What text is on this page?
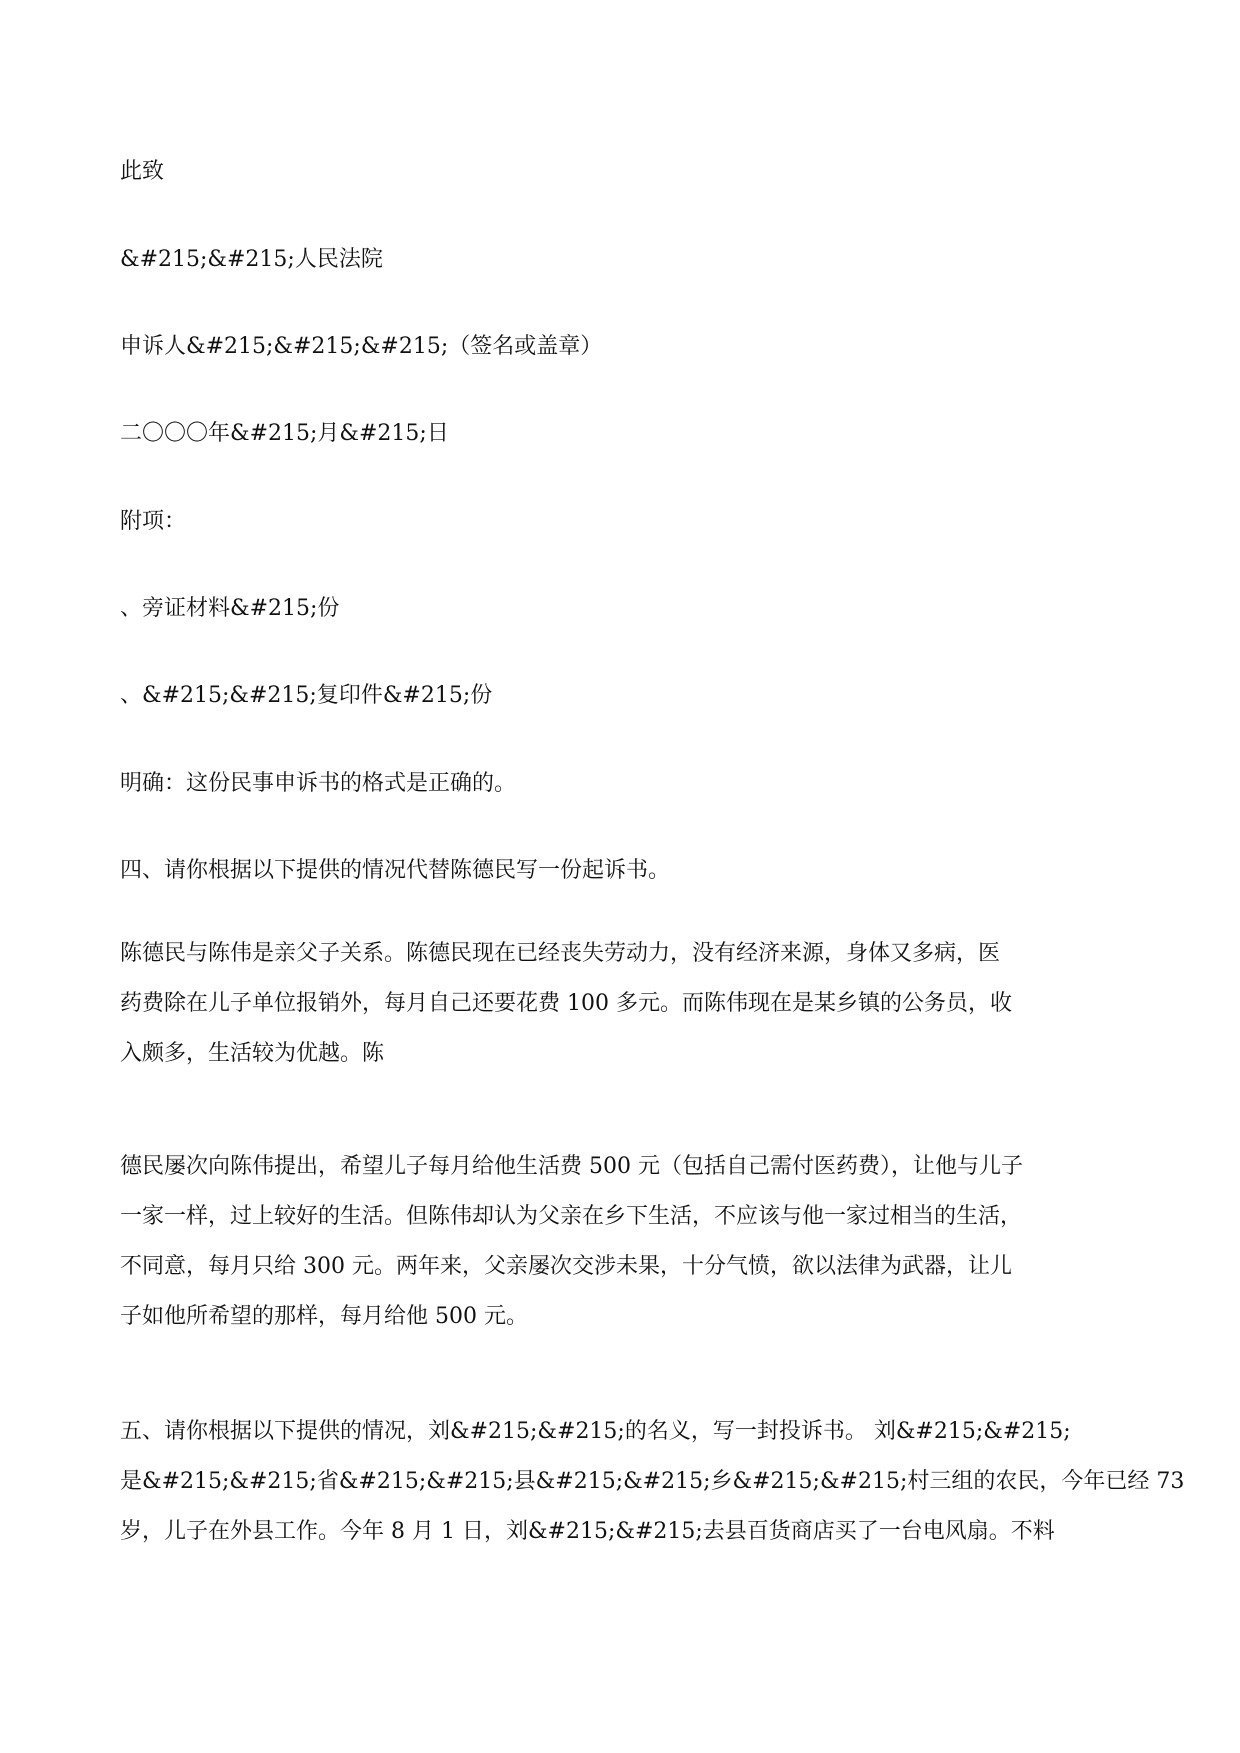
此致

&#215;&#215;人民法院

申诉人&#215;&#215;&#215;（签名或盖章）

二〇〇〇年&#215;月&#215;日

附项：

、旁证材料&#215;份

、&#215;&#215;复印件&#215;份

明确：这份民事申诉书的格式是正确的。

四、请你根据以下提供的情况代替陈德民写一份起诉书。

陈德民与陈伟是亲父子关系。陈德民现在已经丧失劳动力，没有经济来源，身体又多病，医
药费除在儿子单位报销外，每月自己还要花费 100 多元。而陈伟现在是某乡镇的公务员，收
入颇多，生活较为优越。陈
德民屡次向陈伟提出，希望儿子每月给他生活费 500 元（包括自己需付医药费），让他与儿子
一家一样，过上较好的生活。但陈伟却认为父亲在乡下生活，不应该与他一家过相当的生活，
不同意，每月只给 300 元。两年来，父亲屡次交涉未果，十分气愤，欲以法律为武器，让儿
子如他所希望的那样，每月给他 500 元。
五、请你根据以下提供的情况，刘&#215;&#215;的名义，写一封投诉书。 刘&#215;&#215;
是&#215;&#215;省&#215;&#215;县&#215;&#215;乡&#215;&#215;村三组的农民，今年已经 73
岁，儿子在外县工作。今年 8 月 1 日，刘&#215;&#215;去县百货商店买了一台电风扇。不料
